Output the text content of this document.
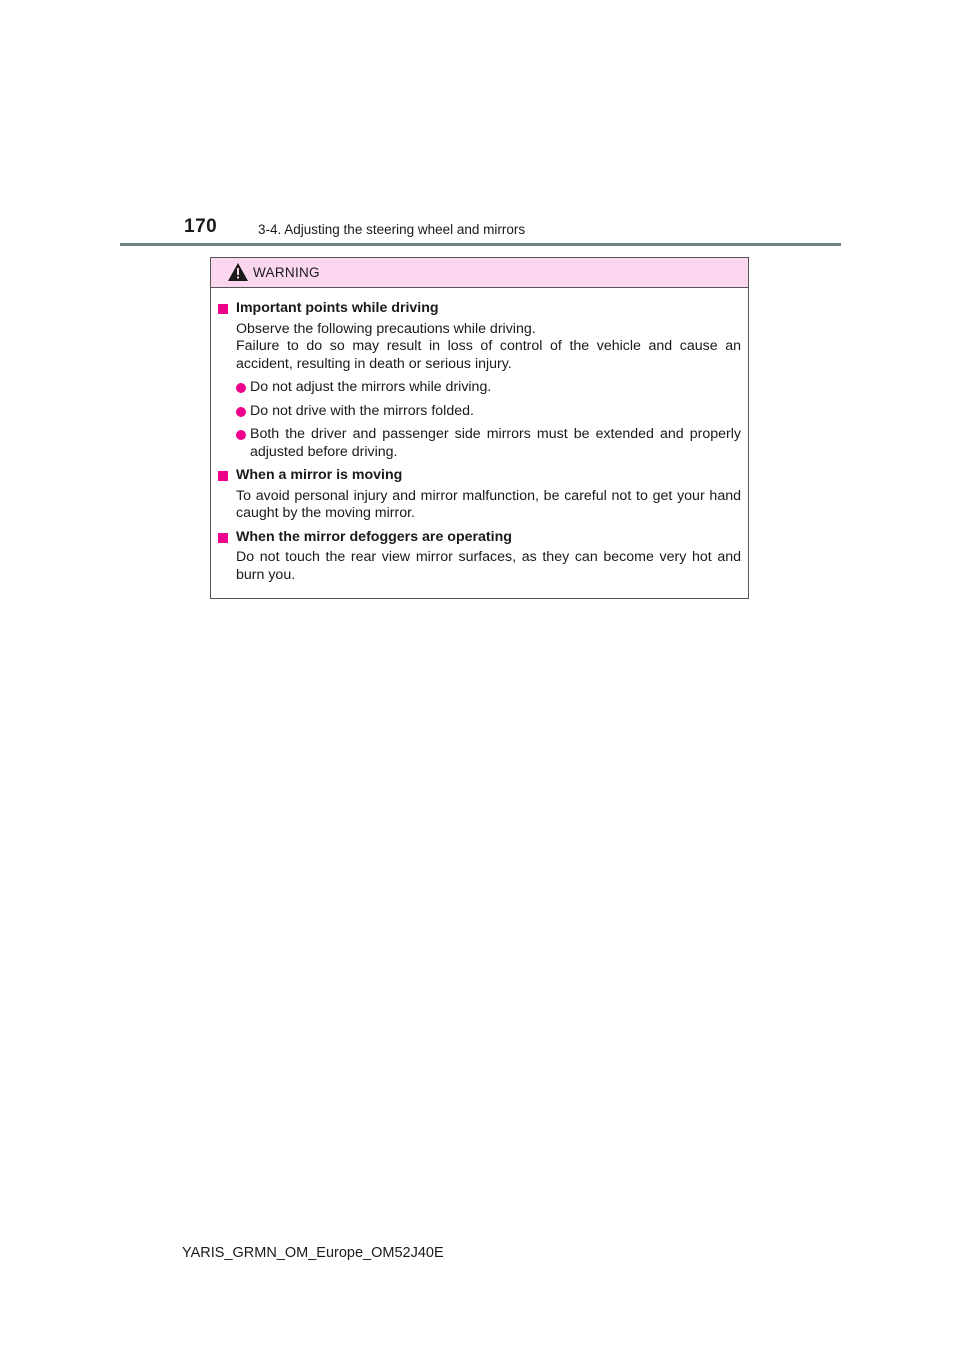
170	3-4. Adjusting the steering wheel and mirrors
WARNING

Important points while driving

Observe the following precautions while driving.
Failure to do so may result in loss of control of the vehicle and cause an accident, resulting in death or serious injury.
Do not adjust the mirrors while driving.
Do not drive with the mirrors folded.
Both the driver and passenger side mirrors must be extended and properly adjusted before driving.

When a mirror is moving

To avoid personal injury and mirror malfunction, be careful not to get your hand caught by the moving mirror.

When the mirror defoggers are operating

Do not touch the rear view mirror surfaces, as they can become very hot and burn you.
YARIS_GRMN_OM_Europe_OM52J40E
